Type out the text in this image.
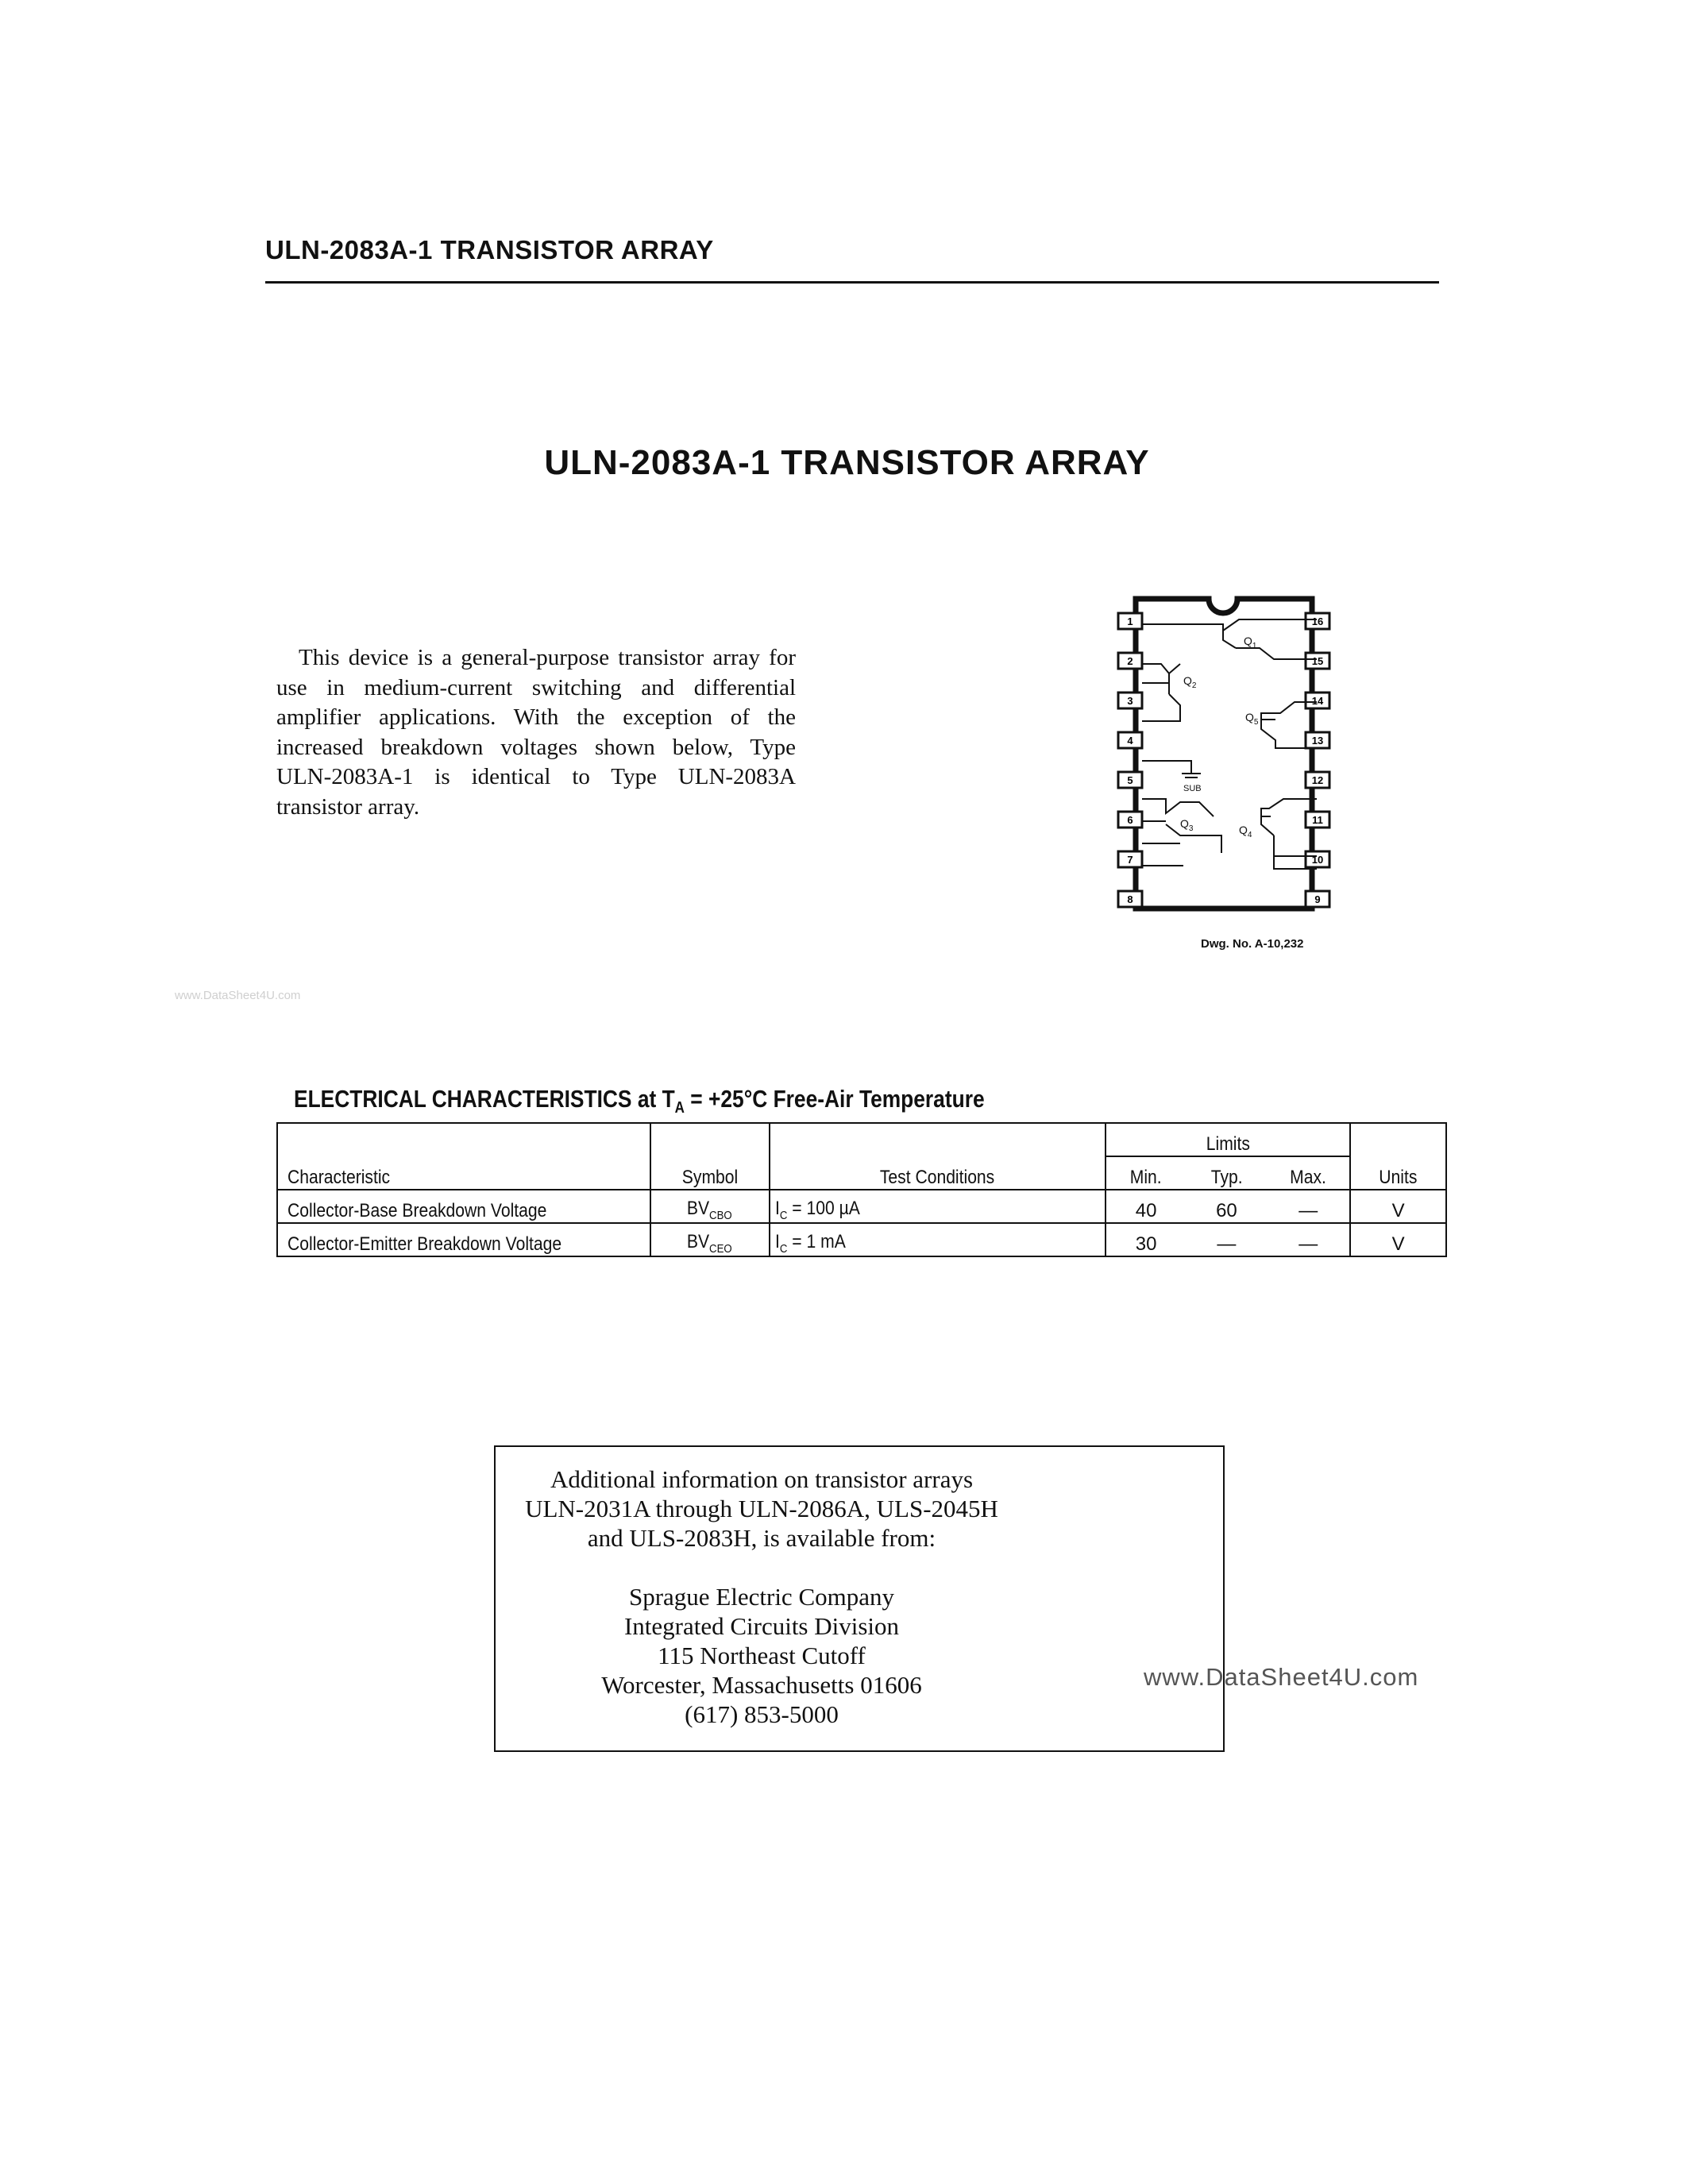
ULN-2083A-1 TRANSISTOR ARRAY
ULN-2083A-1 TRANSISTOR ARRAY

This device is a general-purpose transistor array for use in medium-current switching and differential amplifier applications. With the exception of the increased breakdown voltages shown below, Type ULN-2083A-1 is identical to Type ULN-2083A transistor array.

1
2
3
4
5
6
7
8
16
15
14
13
12
11
10
9
$Q_1$
$Q_2$
$Q_5$
SUB
$Q_3$	$Q_4$
Dwg. No. A-10,232
www.DataSheet4U.com
ELECTRICAL CHARACTERISTICS at $T_A = +25^\circ C$ Free-Air Temperature
Characteristic	Symbol	Test Conditions	Limits			Units
			Min.	Typ.	Max.	
Collector-Base Breakdown Voltage	$BV_{CBO}$	$I_C = 100$ µA	40	60	—	V
Collector-Emitter Breakdown Voltage	$BV_{CEO}$	$I_C = 1$ mA	30	—	—	V
Additional information on transistor arrays
ULN-2031A through ULN-2086A, ULS-2045H
and ULS-2083H, is available from:
Sprague Electric Company
Integrated Circuits Division
115 Northeast Cutoff
Worcester, Massachusetts 01606
(617) 853-5000
www.DataSheet4U.com
